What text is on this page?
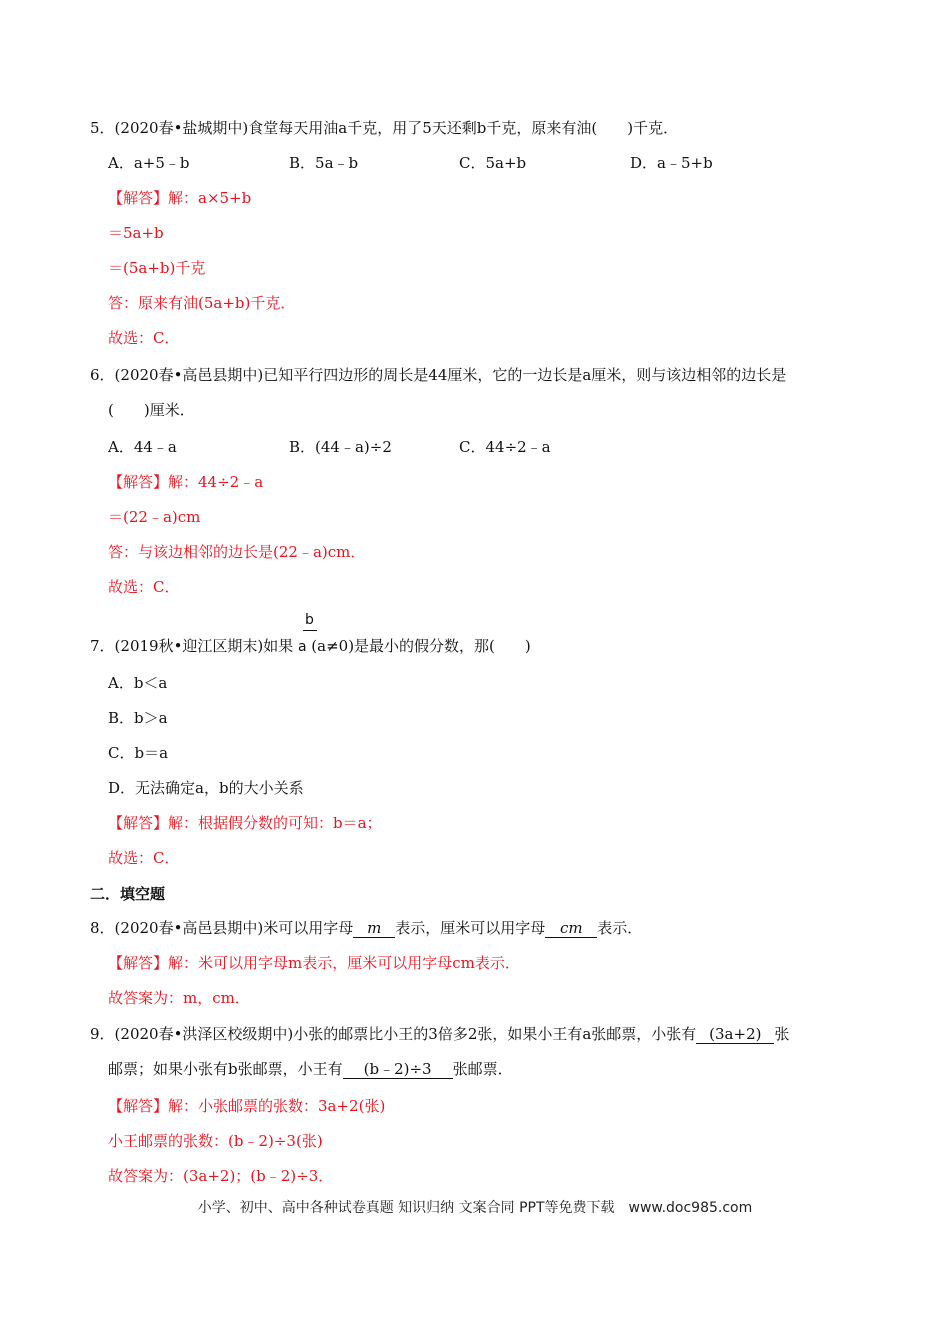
5．(2020春•盐城期中)食堂每天用油a千克，用了5天还剩b千克，原来有油(　　)千克．
A．a+5﹣b	B．5a﹣b	C．5a+b	D．a﹣5+b
【解答】解：a×5+b
＝5a+b
＝(5a+b)千克
答：原来有油(5a+b)千克．
故选：C．
6．(2020春•高邑县期中)已知平行四边形的周长是44厘米，它的一边长是a厘米，则与该边相邻的边长是
(　　)厘米．
A．44﹣a	B．(44﹣a)÷2	C．44÷2﹣a
【解答】解：44÷2﹣a
＝(22﹣a)cm
答：与该边相邻的边长是(22﹣a)cm．
故选：C．
b
7．(2019秋•迎江区期末)如果 a (a≠0)是最小的假分数，那(　　)
A．b＜a
B．b＞a
C．b＝a
D．无法确定a，b的大小关系
【解答】解：根据假分数的可知：b＝a；
故选：C．
二．填空题
8．(2020春•高邑县期中)米可以用字母 m 表示，厘米可以用字母 cm 表示．
【解答】解：米可以用字母m表示，厘米可以用字母cm表示．
故答案为：m，cm．
9．(2020春•洪泽区校级期中)小张的邮票比小王的3倍多2张，如果小王有a张邮票，小张有 (3a+2) 张
邮票；如果小张有b张邮票，小王有 (b﹣2)÷3 张邮票．
【解答】解：小张邮票的张数：3a+2(张)
小王邮票的张数：(b﹣2)÷3(张)
故答案为：(3a+2)；(b﹣2)÷3．
小学、初中、高中各种试卷真题 知识归纳 文案合同 PPT等免费下载　www.doc985.com
